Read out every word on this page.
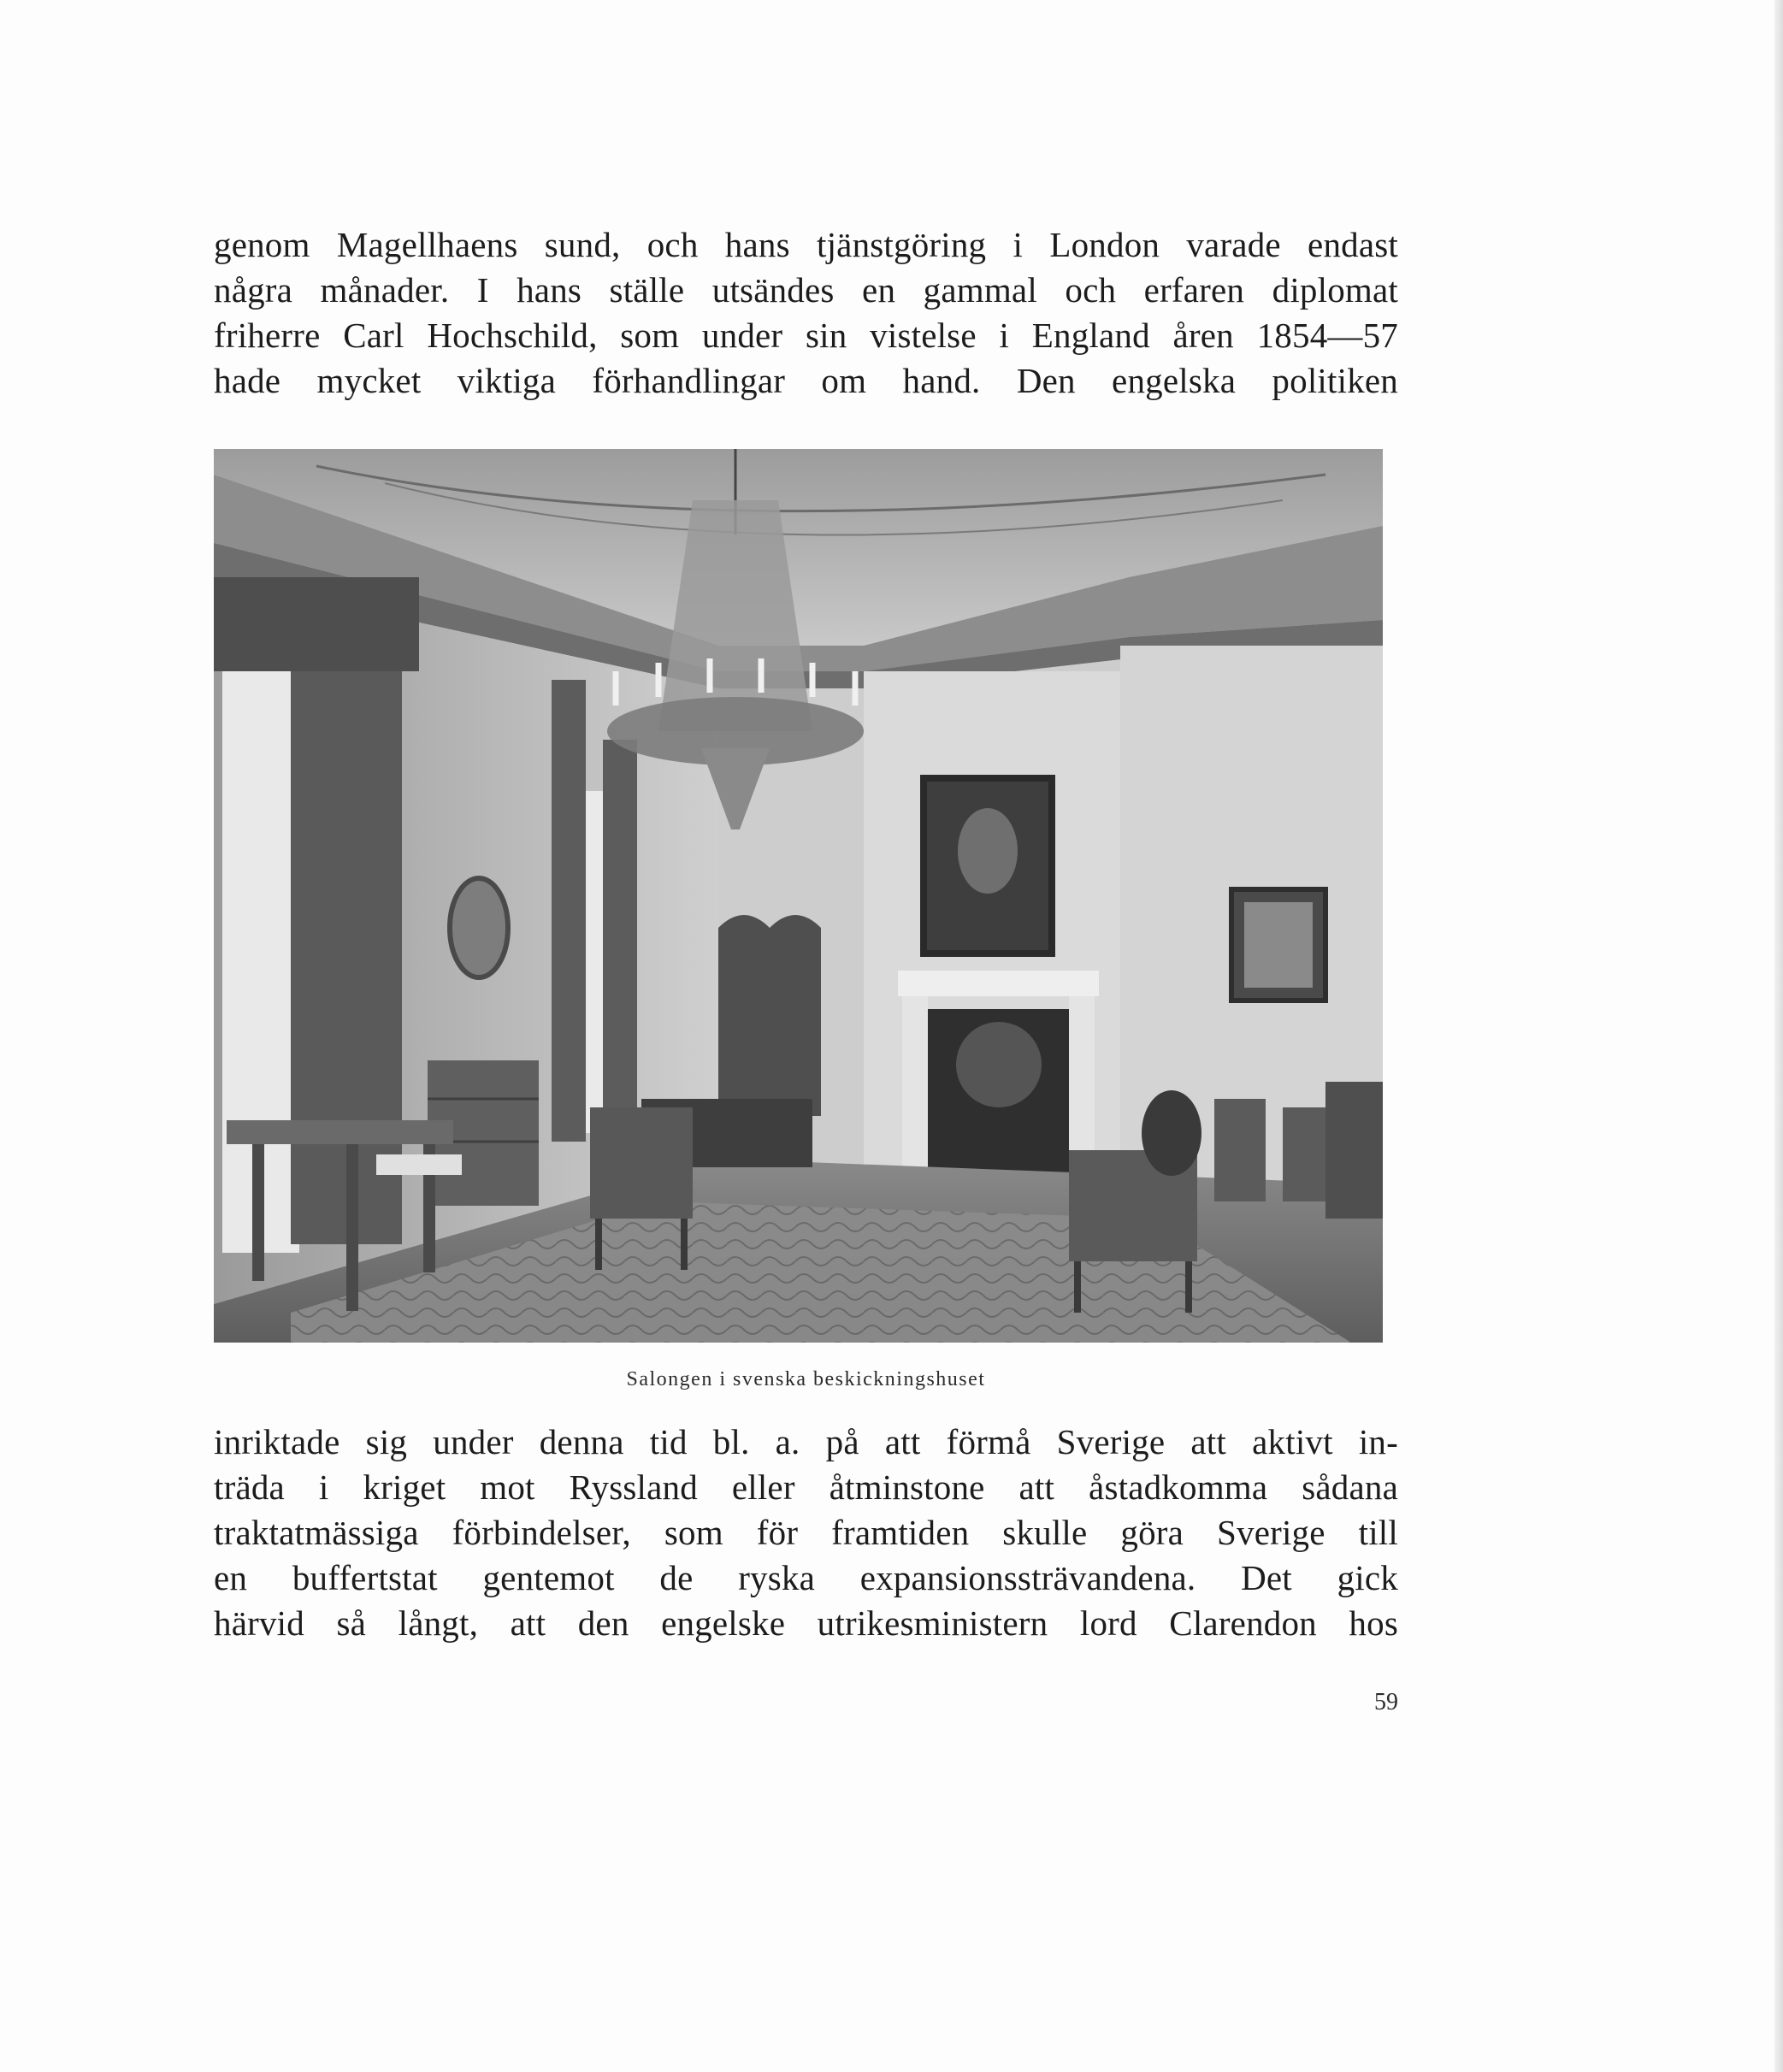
genom Magellhaens sund, och hans tjänstgöring i London varade endast
några månader. I hans ställe utsändes en gammal och erfaren diplomat
friherre Carl Hochschild, som under sin vistelse i England åren 1854—57
hade mycket viktiga förhandlingar om hand. Den engelska politiken
Salongen i svenska beskickningshuset
inriktade sig under denna tid bl. a. på att förmå Sverige att aktivt in-
träda i kriget mot Ryssland eller åtminstone att åstadkomma sådana
traktatmässiga förbindelser, som för framtiden skulle göra Sverige till
en buffertstat gentemot de ryska expansionssträvandena. Det gick
härvid så långt, att den engelske utrikesministern lord Clarendon hos
59
